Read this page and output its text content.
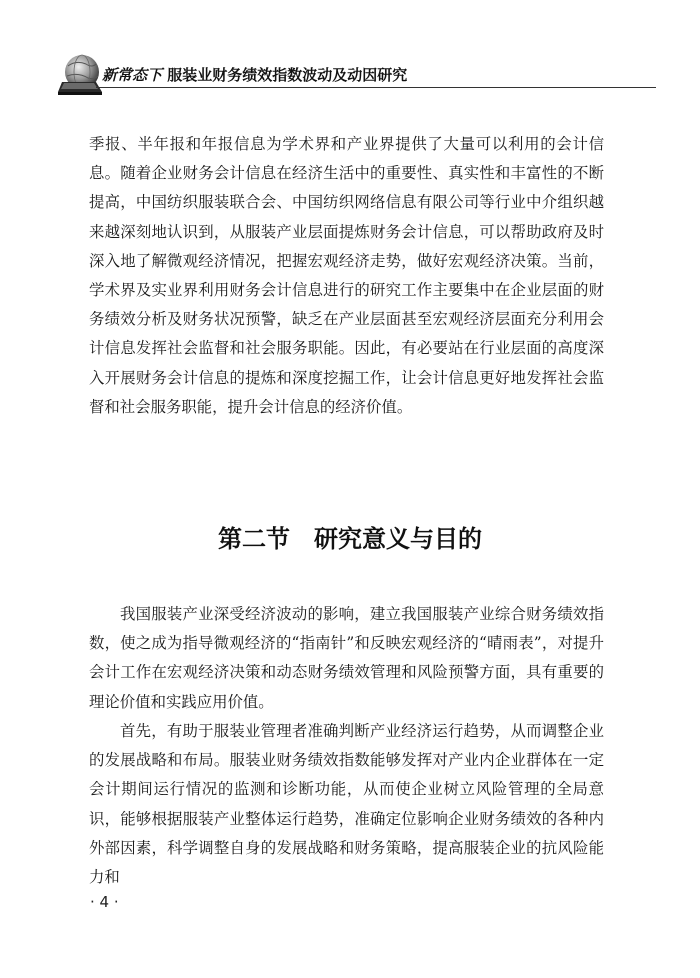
新常态下 服装业财务绩效指数波动及动因研究

季报、半年报和年报信息为学术界和产业界提供了大量可以利用的会计信息。随着企业财务会计信息在经济生活中的重要性、真实性和丰富性的不断提高，中国纺织服装联合会、中国纺织网络信息有限公司等行业中介组织越来越深刻地认识到，从服装产业层面提炼财务会计信息，可以帮助政府及时深入地了解微观经济情况，把握宏观经济走势，做好宏观经济决策。当前，学术界及实业界利用财务会计信息进行的研究工作主要集中在企业层面的财务绩效分析及财务状况预警，缺乏在产业层面甚至宏观经济层面充分利用会计信息发挥社会监督和社会服务职能。因此，有必要站在行业层面的高度深入开展财务会计信息的提炼和深度挖掘工作，让会计信息更好地发挥社会监督和社会服务职能，提升会计信息的经济价值。

第二节　研究意义与目的

我国服装产业深受经济波动的影响，建立我国服装产业综合财务绩效指数，使之成为指导微观经济的“指南针”和反映宏观经济的“晴雨表”，对提升会计工作在宏观经济决策和动态财务绩效管理和风险预警方面，具有重要的理论价值和实践应用价值。

首先，有助于服装业管理者准确判断产业经济运行趋势，从而调整企业的发展战略和布局。服装业财务绩效指数能够发挥对产业内企业群体在一定会计期间运行情况的监测和诊断功能，从而使企业树立风险管理的全局意识，能够根据服装产业整体运行趋势，准确定位影响企业财务绩效的各种内外部因素，科学调整自身的发展战略和财务策略，提高服装企业的抗风险能力和

· 4 ·
